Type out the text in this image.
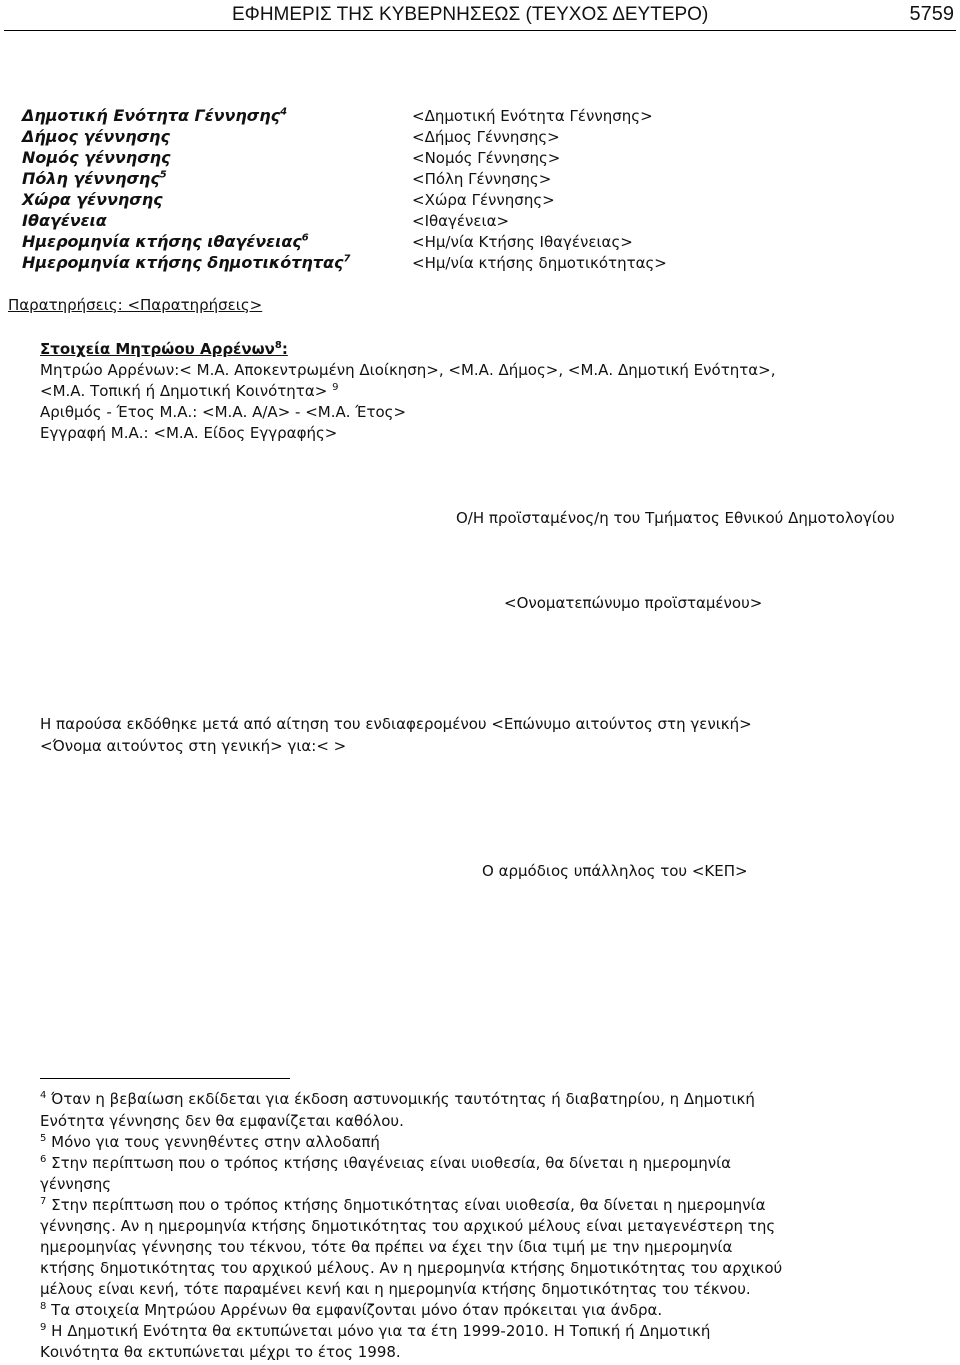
ΕΦΗΜΕΡΙΣ ΤΗΣ ΚΥΒΕΡΝΗΣΕΩΣ (ΤΕΥΧΟΣ ΔΕΥΤΕΡΟ)	5759
Δημοτική Ενότητα Γέννησης$^4$	<Δημοτική Ενότητα Γέννησης>
Δήμος γέννησης	<Δήμος Γέννησης>
Νομός γέννησης	<Νομός Γέννησης>
Πόλη γέννησης$^5$	<Πόλη Γέννησης>
Χώρα γέννησης	<Χώρα Γέννησης>
Ιθαγένεια	<Ιθαγένεια>
Ημερομηνία κτήσης ιθαγένειας$^6$	<Ημ/νία Κτήσης Ιθαγένειας>
Ημερομηνία κτήσης δημοτικότητας$^7$	<Ημ/νία κτήσης δημοτικότητας>
Παρατηρήσεις: <Παρατηρήσεις>
Στοιχεία Μητρώου Αρρένων$^8$:
Μητρώο Αρρένων:< Μ.Α. Αποκεντρωμένη Διοίκηση>, <Μ.Α. Δήμος>, <Μ.Α. Δημοτική Ενότητα>,
<Μ.Α. Τοπική ή Δημοτική Κοινότητα> $^9$
Αριθμός - Έτος Μ.Α.: <Μ.Α. Α/Α> - <Μ.Α. Έτος>
Εγγραφή Μ.Α.: <Μ.Α. Είδος Εγγραφής>
Ο/Η προϊσταμένος/η του Τμήματος Εθνικού Δημοτολογίου
<Ονοματεπώνυμο προϊσταμένου>
Η παρούσα εκδόθηκε μετά από αίτηση του ενδιαφερομένου <Επώνυμο αιτούντος στη γενική>
<Όνομα αιτούντος στη γενική> για:< >
Ο αρμόδιος υπάλληλος του <ΚΕΠ>
$^4$ Όταν η βεβαίωση εκδίδεται για έκδοση αστυνομικής ταυτότητας ή διαβατηρίου, η Δημοτική
Ενότητα γέννησης δεν θα εμφανίζεται καθόλου.
$^5$ Μόνο για τους γεννηθέντες στην αλλοδαπή
$^6$ Στην περίπτωση που ο τρόπος κτήσης ιθαγένειας είναι υιοθεσία, θα δίνεται η ημερομηνία
γέννησης
$^7$ Στην περίπτωση που ο τρόπος κτήσης δημοτικότητας είναι υιοθεσία, θα δίνεται η ημερομηνία
γέννησης. Αν η ημερομηνία κτήσης δημοτικότητας του αρχικού μέλους είναι μεταγενέστερη της
ημερομηνίας γέννησης του τέκνου, τότε θα πρέπει να έχει την ίδια τιμή με την ημερομηνία
κτήσης δημοτικότητας του αρχικού μέλους. Αν η ημερομηνία κτήσης δημοτικότητας του αρχικού
μέλους είναι κενή, τότε παραμένει κενή και η ημερομηνία κτήσης δημοτικότητας του τέκνου.
$^8$ Τα στοιχεία Μητρώου Αρρένων θα εμφανίζονται μόνο όταν πρόκειται για άνδρα.
$^9$ Η Δημοτική Ενότητα θα εκτυπώνεται μόνο για τα έτη 1999-2010. Η Τοπική ή Δημοτική
Κοινότητα θα εκτυπώνεται μέχρι το έτος 1998.
